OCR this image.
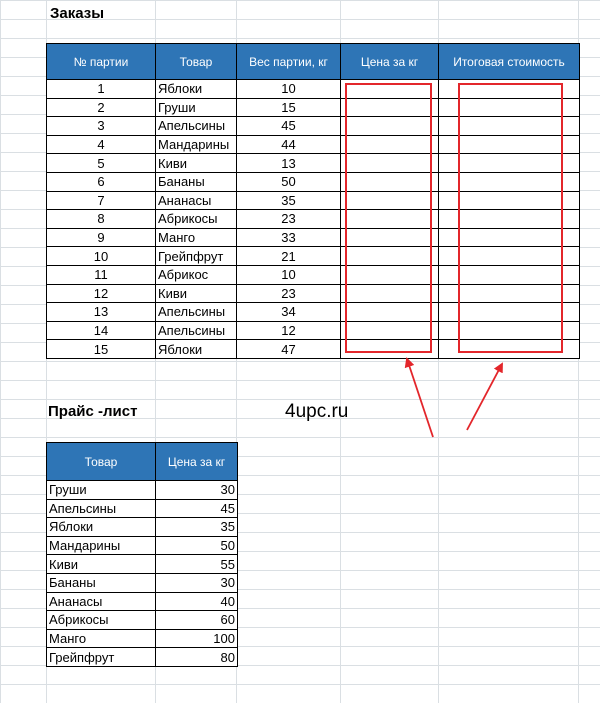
Заказы
№ партии	Товар	Вес партии, кг	Цена за кг	Итоговая стоимость
1	Яблоки	10		
2	Груши	15		
3	Апельсины	45		
4	Мандарины	44		
5	Киви	13		
6	Бананы	50		
7	Ананасы	35		
8	Абрикосы	23		
9	Манго	33		
10	Грейпфрут	21		
11	Абрикос	10		
12	Киви	23		
13	Апельсины	34		
14	Апельсины	12		
15	Яблоки	47		
Прайс -лист	4upc.ru
Товар	Цена за кг
Груши	30
Апельсины	45
Яблоки	35
Мандарины	50
Киви	55
Бананы	30
Ананасы	40
Абрикосы	60
Манго	100
Грейпфрут	80
